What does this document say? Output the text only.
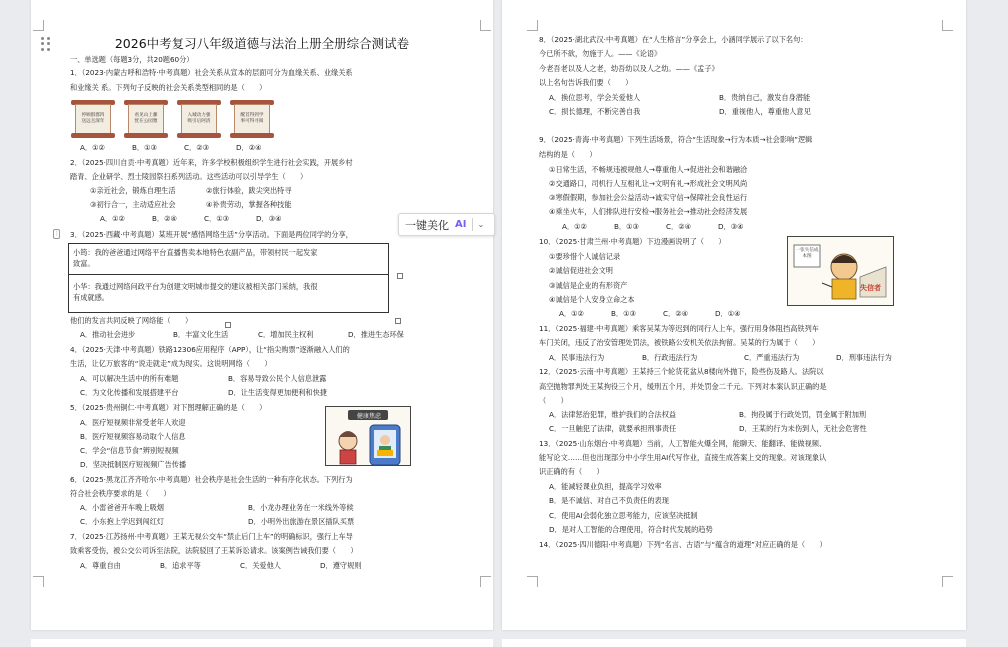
2026中考复习八年级道德与法治上册全册综合测试卷
一、单选题（每题3分，共20题60分）
1．（2023·内蒙古呼和浩特·中考真题）社会关系从宣本的层面可分为血缘关系、业缘关系
和业缘关 系。下列句子反映的社会关系类型相同的是（　　）
停顾群郡四
送远且深年
看见山上藤
恍在公园雅
入城动力强
吸引后阿清
醒首得到学
事可得寻阅
A．①②	B．①③	C．②③	D．②④
2．（2025·四川自贡·中考真题）近年来，许多学校积极组织学生进行社会实践，开展乡村
踏青、企业研学、烈士陵园祭扫系列活动。这些活动可以引导学生（　　）
①亲近社会，锻炼自理生活	②旅行体验，跋尖突出特寻
③初行合一，主动适应社会	④补贵劳动，掌握各种技能
A．①②	B．②④	C．①③	D．③④
3．（2025·西藏·中考真题）某班开展“感悟网络生活”分享活动。下面是两位同学的分享，
⋮
小筠：我的爸爸通过网络平台直播售卖本地特色农副产品，带领村民一起发家
致富。
小华：我通过网络问政平台为创建文明城市提交的建议被相关部门采纳，我很
有成就感。
他们的发言共同反映了网络能（　　）
A．推动社会进步	B．丰富文化生活	C．增加民主权利	D．推进生态环保
4．（2025·天津·中考真题）铁路12306应用程序（APP），让“指尖购票”逐渐融入人们的
生活，让亿万旅客的“说走就走”成为现实。这说明网络（　　）
A．可以解决生活中的所有难题	B．容易导致公民个人信息泄露
C．为文化传播和发展搭建平台	D．让生活变得更加便利和快捷
5．（2025·贵州铜仁·中考真题）对下图理解正确的是（　　）
A．医疗短视频非常受老年人欢迎
B．医疗短视频容易动取个人信息
C．学会“信息节食”辨别短视频
D．坚决抵制医疗短视频广告传播
健康焦虑
6．（2025·黑龙江齐齐哈尔·中考真题）社会秩序是社会生活的一种有序化状态。下列行为
符合社会秩序要求的是（　　）
A．小雷爸爸开车晚上吸烟	B．小龙办理业务在一米线外等候
C．小东抱上学迟到闯红灯	D．小明外出旅游在景区插队买票
7．（2025·江苏扬州·中考真题）王某无视公交车“禁止后门上车”的明确标识，强行上车导
致乘客受伤，被公交公司诉至法院，法院驳回了王某诉讼请求。该案例告诫我们要（　　）
A．尊重自由	B．追求平等	C．关爱他人	D．遵守规则
一键美化 AI ⌄
8．（2025·湖北武汉·中考真题）在“人生格言”分享会上，小涵同学展示了以下名句：
今已所不欲，勿施于人。——《论语》
今老吾老以及人之老，幼吾幼以及人之幼。——《孟子》
以上名句告诉我们要（　　）
A．换位思考，学会关爱他人	B．贵纳自己，激发自身潜能
C．损长德理，不断完善自我	D．重视他人，尊重他人意见
9．（2025·青海·中考真题）下列生活场景，符合“生活现象→行为本质→社会影响”逻辑
结构的是（　　）
①日常生活，不畅规违被规他人→尊重他人→促进社会和谐融洽
②交通路口，司机行人互相礼让→文明有礼→形成社会文明风尚
③寒假假期，参加社会公益活动→诚实守信→保障社会良性运行
④乘坐火车，人们排队进行安检→服务社会→推动社会经济发展
A．①②	B．①③	C．②④	D．③④
10．（2025·甘肃兰州·中考真题）下边漫画说明了（　　）
①要珍惜个人诚信记录
②诚信促进社会文明
③诚信是企业的有形资产
④诚信是个人安身立命之本
A．①②	B．①③	C．②④	D．①④
一张失信成本图
失信者
11．（2025·福建·中考真题）乘客吴某为等迟到的同行人上车，强行用身体阻挡高铁列车
车门关闭，违反了治安管理处罚法，被铁路公安机关依法拘留。吴某的行为属于（　　）
A．民事违法行为	B．行政违法行为	C．严重违法行为	D．刑事违法行为
12．（2025·云南·中考真题）王某持三个轮货花盆从8楼向外抛下，险些伤及路人。法院以
高空抛物罪判处王某拘役三个月，缓刑五个月，并处罚金二千元。下列对本案认识正确的是
（　　）
A．法律惩治犯罪，维护我们的合法权益	B．拘役属于行政处罚，罚金属于附加刑
C．一旦触犯了法律，就要承担刑事责任	D．王某的行为未伤到人，无社会危害性
13．（2025·山东烟台·中考真题）当前，人工智能火爆全网，能聊天、能翻译、能做视频、
能写论文……但也出现部分中小学生用AI代写作业，直接生成答案上交的现象。对该现象认
识正确的有（　　）
A．能减轻课业负担，提高学习效率
B．是不诚信、对自己不负责任的表现
C．使用AI会弱化独立思考能力，应该坚决抵制
D．是对人工智能的合理使用，符合时代发展的趋势
14．（2025·四川德阳·中考真题）下列“名言、古语”与“蕴含的道理”对应正确的是（　　）
